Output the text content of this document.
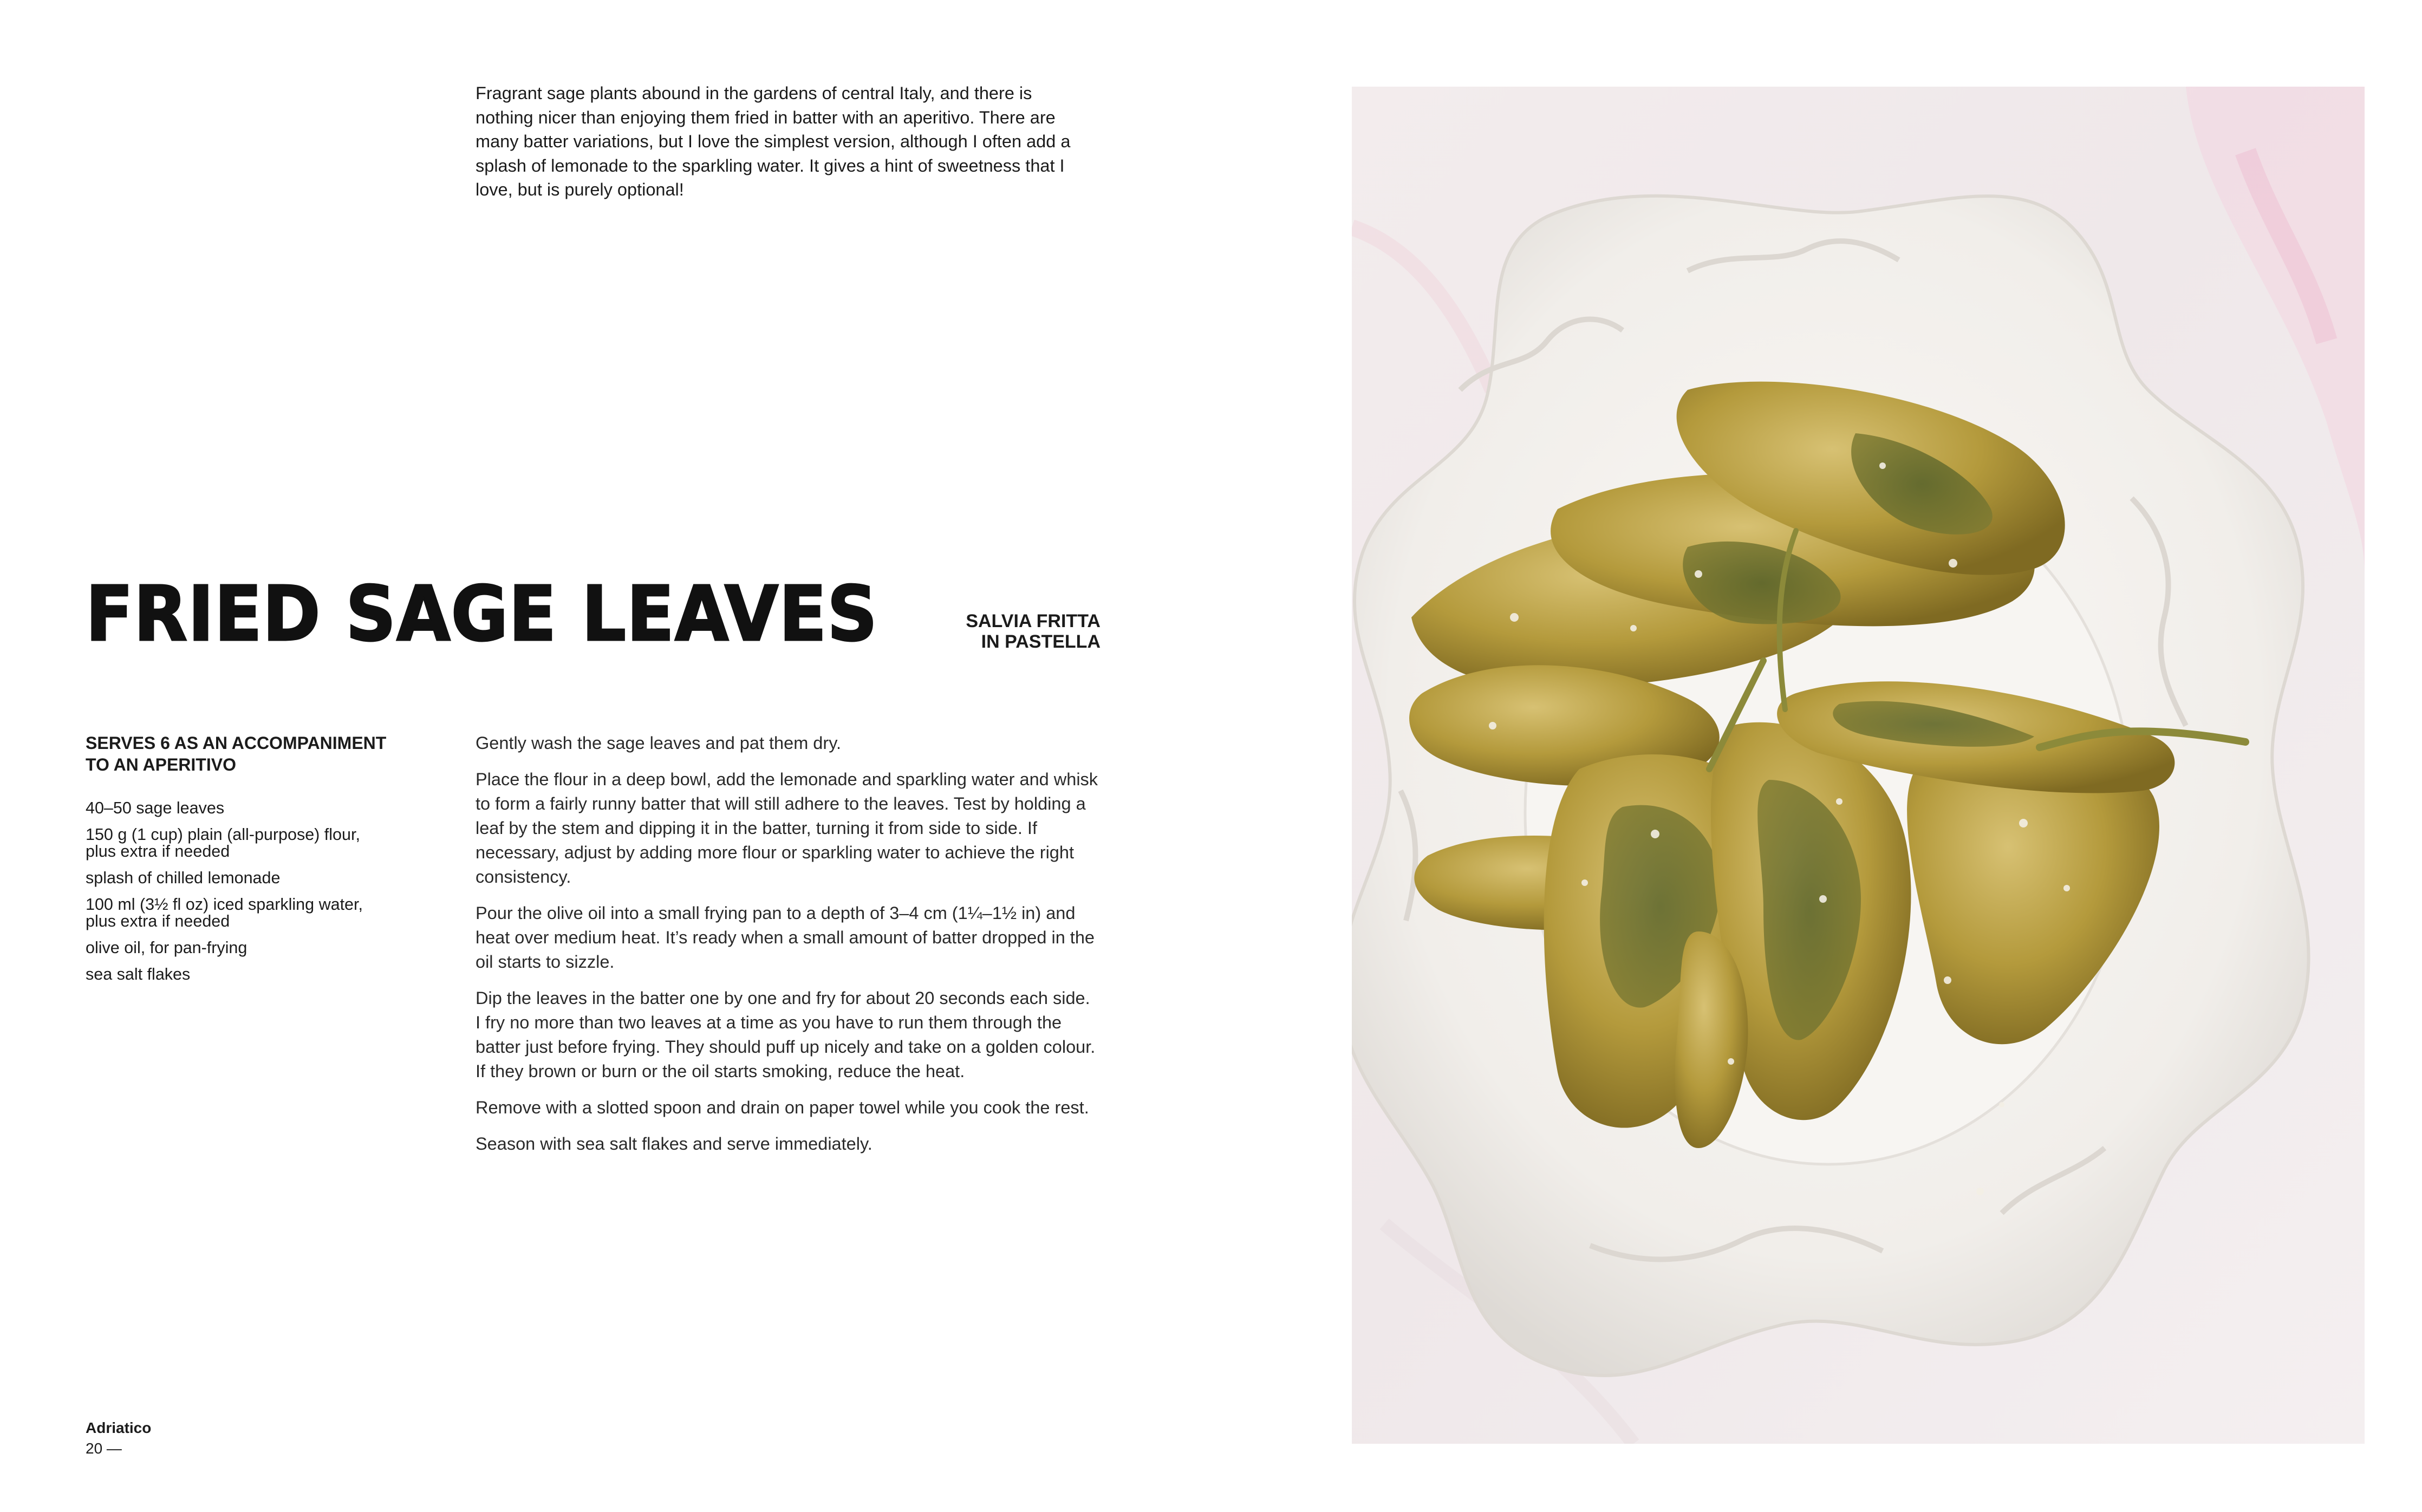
Fragrant sage plants abound in the gardens of central Italy, and there is nothing nicer than enjoying them fried in batter with an aperitivo. There are many batter variations, but I love the simplest version, although I often add a splash of lemonade to the sparkling water. It gives a hint of sweetness that I love, but is purely optional!

FRIED SAGE LEAVES	SALVIA FRITTA
IN PASTELLA
SERVES 6 AS AN ACCOMPANIMENT
TO AN APERITIVO
40–50 sage leaves
150 g (1 cup) plain (all-purpose) flour, plus extra if needed
splash of chilled lemonade
100 ml (3½ fl oz) iced sparkling water, plus extra if needed
olive oil, for pan-frying
sea salt flakes

Gently wash the sage leaves and pat them dry.

Place the flour in a deep bowl, add the lemonade and sparkling water and whisk to form a fairly runny batter that will still adhere to the leaves. Test by holding a leaf by the stem and dipping it in the batter, turning it from side to side. If necessary, adjust by adding more flour or sparkling water to achieve the right consistency.

Pour the olive oil into a small frying pan to a depth of 3–4 cm (1¼–1½ in) and heat over medium heat. It’s ready when a small amount of batter dropped in the oil starts to sizzle.

Dip the leaves in the batter one by one and fry for about 20 seconds each side. I fry no more than two leaves at a time as you have to run them through the batter just before frying. They should puff up nicely and take on a golden colour. If they brown or burn or the oil starts smoking, reduce the heat.

Remove with a slotted spoon and drain on paper towel while you cook the rest.

Season with sea salt flakes and serve immediately.

Adriatico

20 —
